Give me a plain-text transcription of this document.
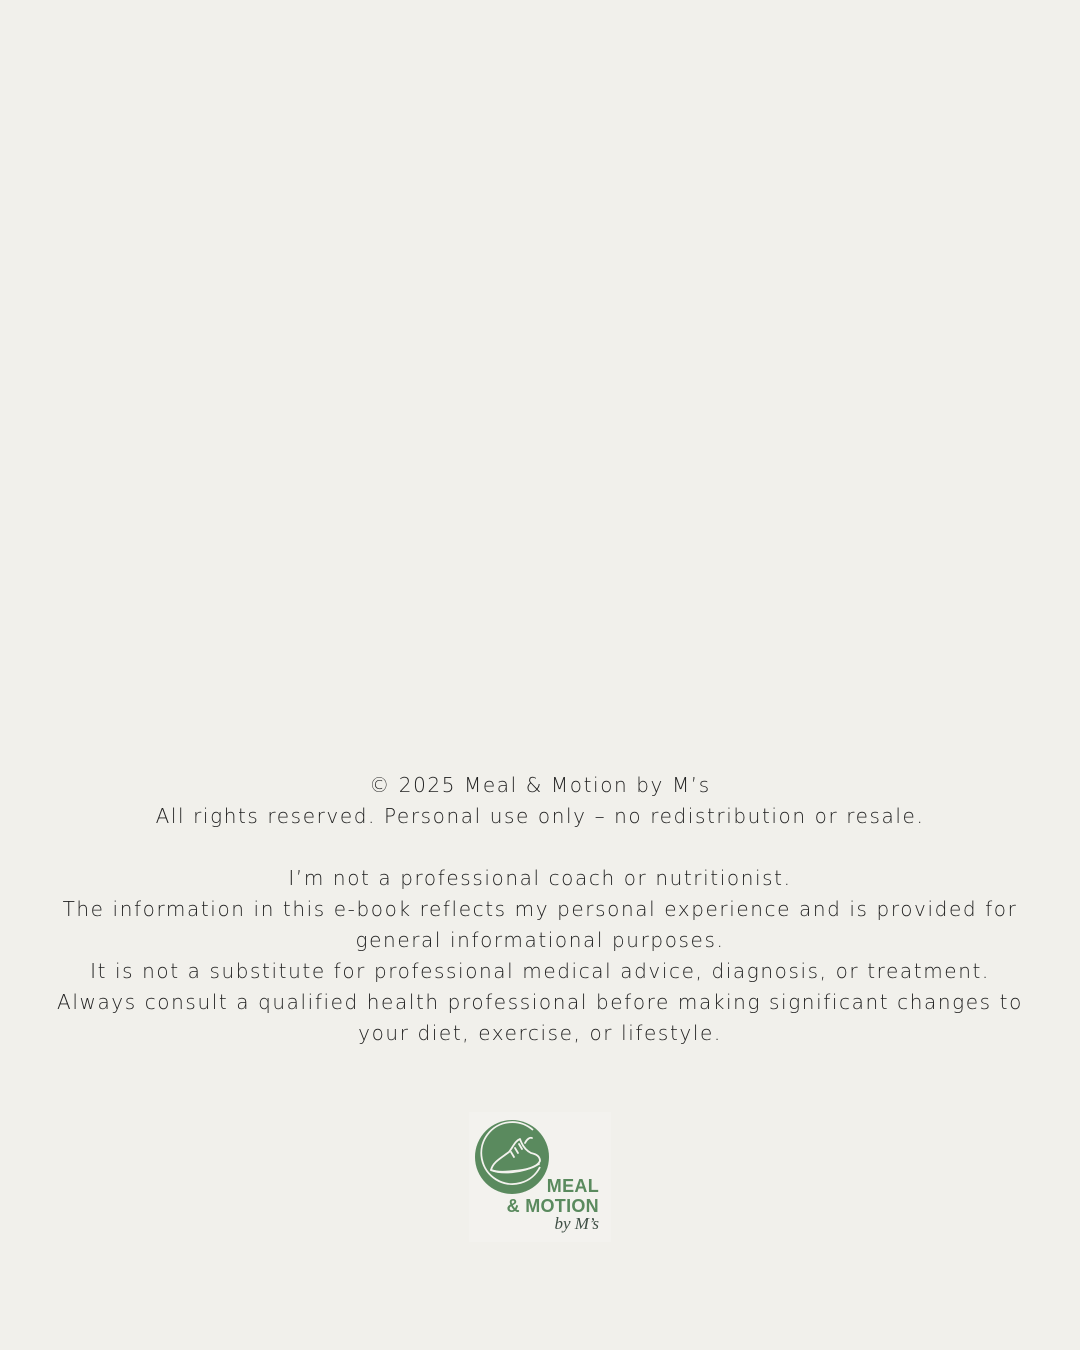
© 2025 Meal & Motion by M’s
All rights reserved. Personal use only – no redistribution or resale.
I’m not a professional coach or nutritionist.
The information in this e-book reflects my personal experience and is provided for
general informational purposes.
It is not a substitute for professional medical advice, diagnosis, or treatment.
Always consult a qualified health professional before making significant changes to
your diet, exercise, or lifestyle.
MEAL
& MOTION
by M’s
